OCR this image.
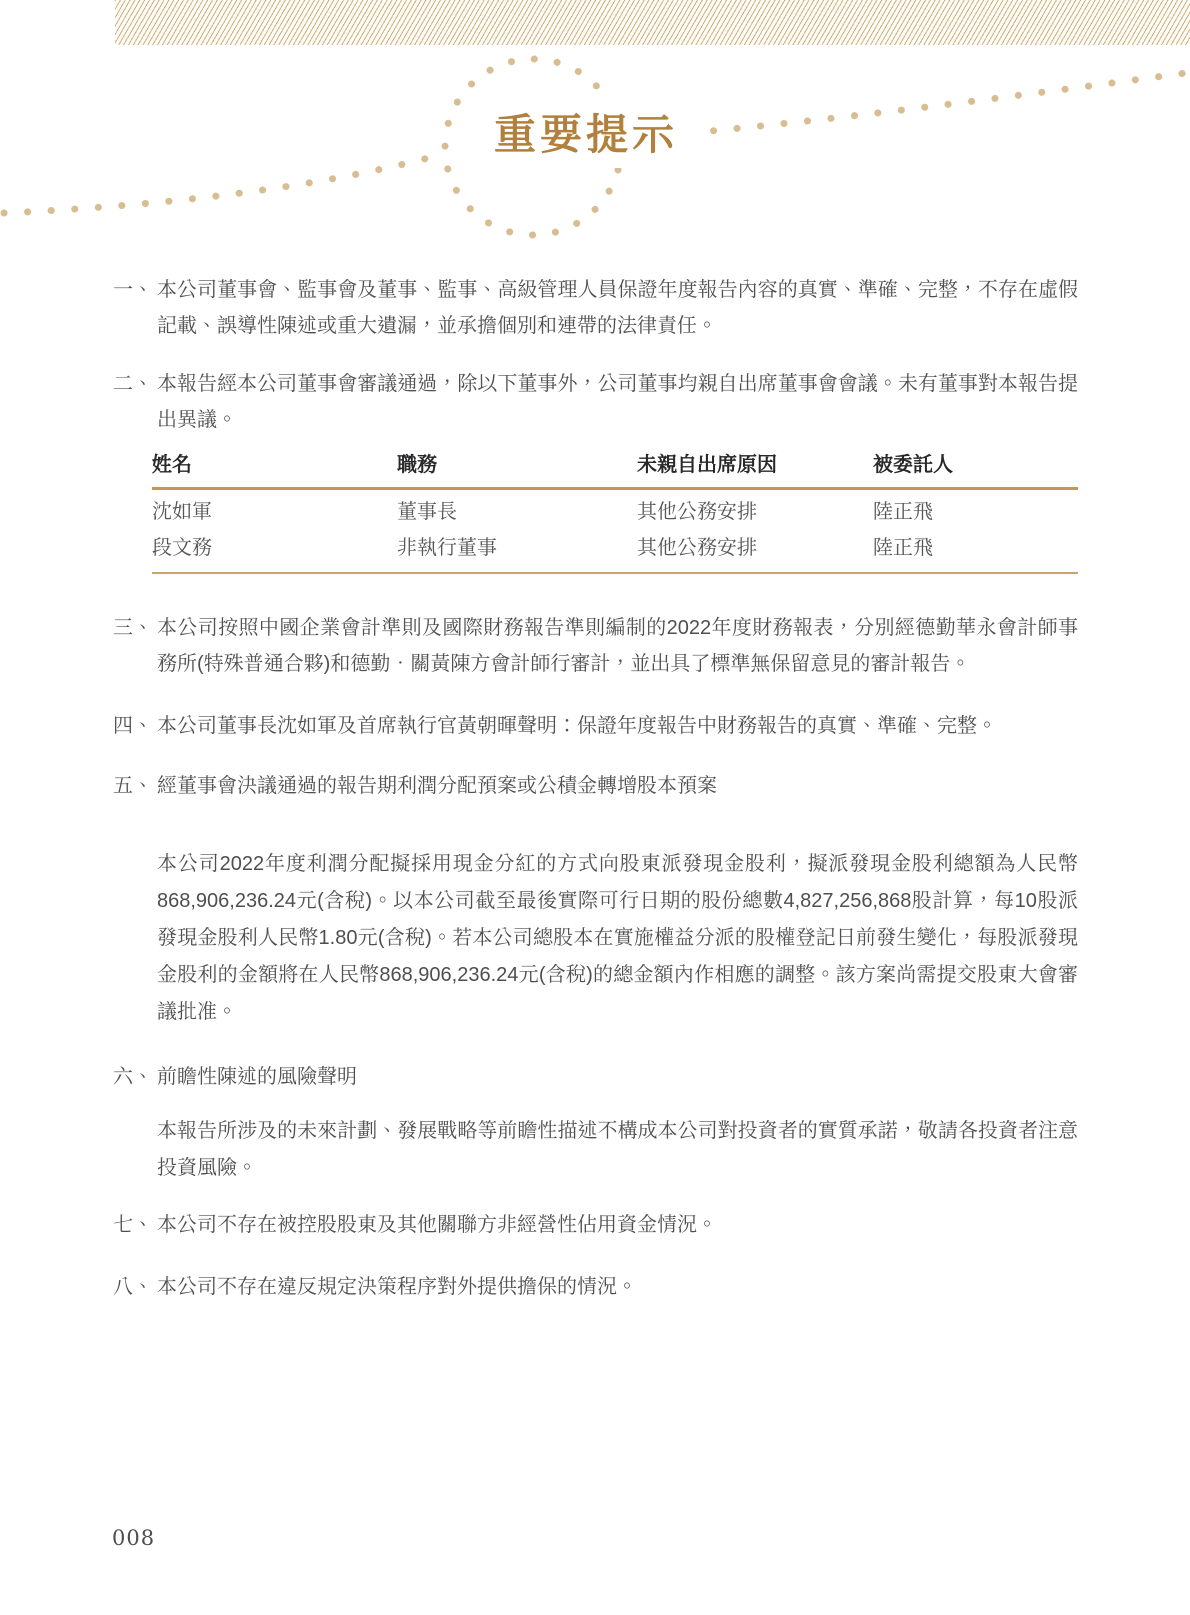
重要提示
一、 本公司董事會、監事會及董事、監事、高級管理人員保證年度報告內容的真實、準確、完整，不存在虛假記載、誤導性陳述或重大遺漏，並承擔個別和連帶的法律責任。
二、 本報告經本公司董事會審議通過，除以下董事外，公司董事均親自出席董事會會議。未有董事對本報告提出異議。
姓名	職務	未親自出席原因	被委託人
沈如軍	董事長	其他公務安排	陸正飛
段文務	非執行董事	其他公務安排	陸正飛
三、 本公司按照中國企業會計準則及國際財務報告準則編制的2022年度財務報表，分別經德勤華永會計師事務所(特殊普通合夥)和德勤‧關黃陳方會計師行審計，並出具了標準無保留意見的審計報告。
四、 本公司董事長沈如軍及首席執行官黃朝暉聲明：保證年度報告中財務報告的真實、準確、完整。
五、 經董事會決議通過的報告期利潤分配預案或公積金轉增股本預案
本公司2022年度利潤分配擬採用現金分紅的方式向股東派發現金股利，擬派發現金股利總額為人民幣868,906,236.24元(含稅)。以本公司截至最後實際可行日期的股份總數4,827,256,868股計算，每10股派發現金股利人民幣1.80元(含稅)。若本公司總股本在實施權益分派的股權登記日前發生變化，每股派發現金股利的金額將在人民幣868,906,236.24元(含稅)的總金額內作相應的調整。該方案尚需提交股東大會審議批准。
六、 前瞻性陳述的風險聲明
本報告所涉及的未來計劃、發展戰略等前瞻性描述不構成本公司對投資者的實質承諾，敬請各投資者注意投資風險。
七、 本公司不存在被控股股東及其他關聯方非經營性佔用資金情況。
八、 本公司不存在違反規定決策程序對外提供擔保的情況。
008
